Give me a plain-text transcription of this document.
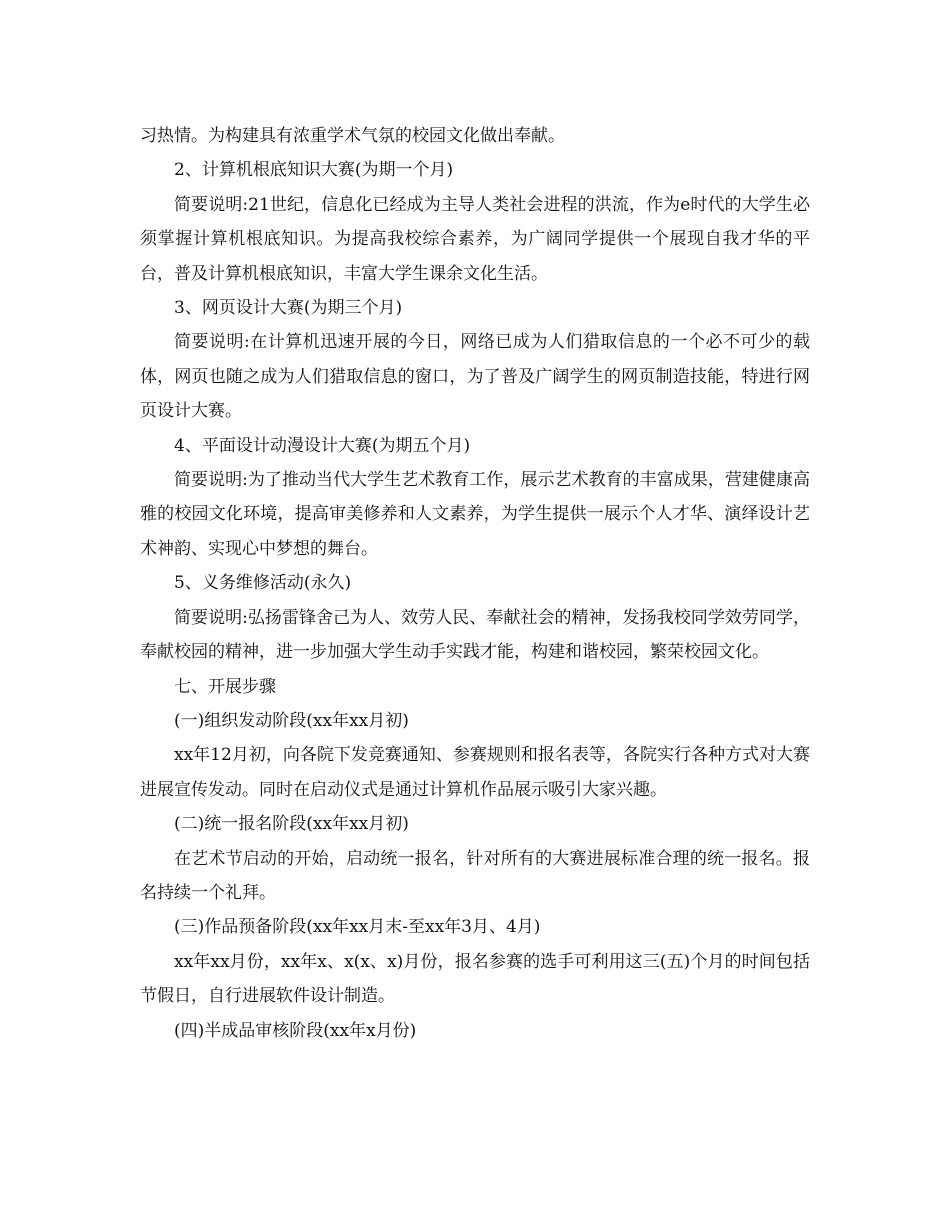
习热情。为构建具有浓重学术气氛的校园文化做出奉献。

2、计算机根底知识大赛(为期一个月)

简要说明:21世纪，信息化已经成为主导人类社会进程的洪流，作为e时代的大学生必须掌握计算机根底知识。为提高我校综合素养，为广阔同学提供一个展现自我才华的平台，普及计算机根底知识，丰富大学生课余文化生活。

3、网页设计大赛(为期三个月)

简要说明:在计算机迅速开展的今日，网络已成为人们猎取信息的一个必不可少的载体，网页也随之成为人们猎取信息的窗口，为了普及广阔学生的网页制造技能，特进行网页设计大赛。

4、平面设计动漫设计大赛(为期五个月)

简要说明:为了推动当代大学生艺术教育工作，展示艺术教育的丰富成果，营建健康高雅的校园文化环境，提高审美修养和人文素养，为学生提供一展示个人才华、演绎设计艺术神韵、实现心中梦想的舞台。

5、义务维修活动(永久)

简要说明:弘扬雷锋舍己为人、效劳人民、奉献社会的精神，发扬我校同学效劳同学，奉献校园的精神，进一步加强大学生动手实践才能，构建和谐校园，繁荣校园文化。

七、开展步骤

(一)组织发动阶段(xx年xx月初)

xx年12月初，向各院下发竞赛通知、参赛规则和报名表等，各院实行各种方式对大赛进展宣传发动。同时在启动仪式是通过计算机作品展示吸引大家兴趣。

(二)统一报名阶段(xx年xx月初)

在艺术节启动的开始，启动统一报名，针对所有的大赛进展标准合理的统一报名。报名持续一个礼拜。

(三)作品预备阶段(xx年xx月末-至xx年3月、4月)

xx年xx月份，xx年x、x(x、x)月份，报名参赛的选手可利用这三(五)个月的时间包括节假日，自行进展软件设计制造。

(四)半成品审核阶段(xx年x月份)
